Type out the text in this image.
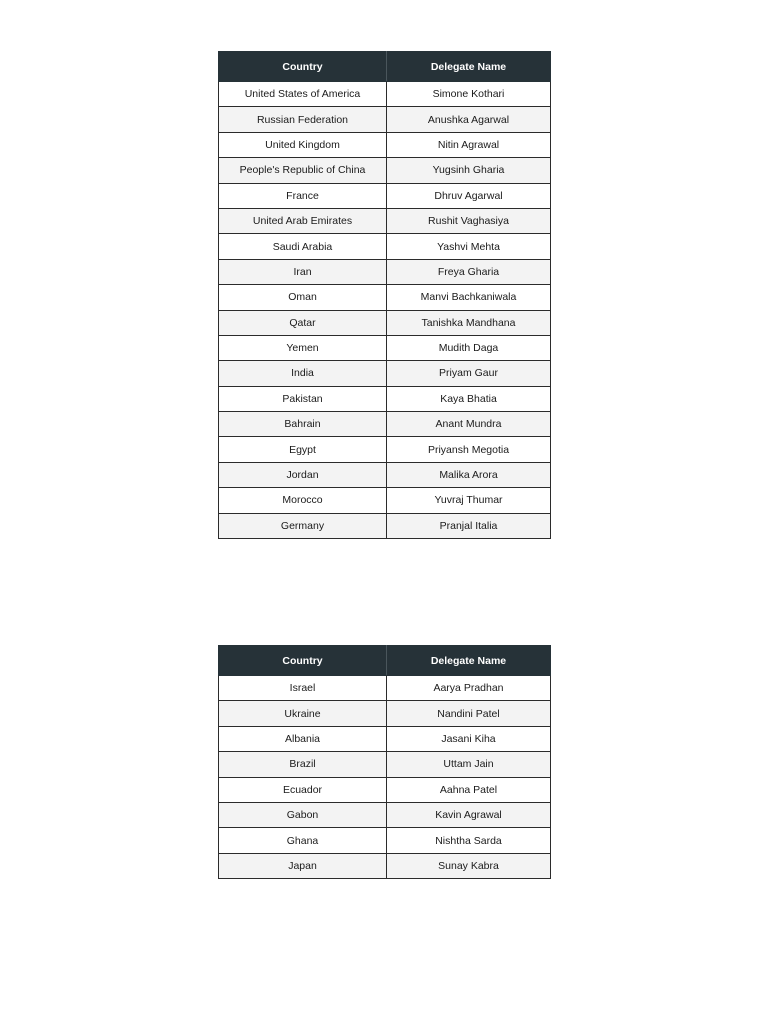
Country	Delegate Name
United States of America	Simone Kothari
Russian Federation	Anushka Agarwal
United Kingdom	Nitin Agrawal
People's Republic of China	Yugsinh Gharia
France	Dhruv Agarwal
United Arab Emirates	Rushit Vaghasiya
Saudi Arabia	Yashvi Mehta
Iran	Freya Gharia
Oman	Manvi Bachkaniwala
Qatar	Tanishka Mandhana
Yemen	Mudith Daga
India	Priyam Gaur
Pakistan	Kaya Bhatia
Bahrain	Anant Mundra
Egypt	Priyansh Megotia
Jordan	Malika Arora
Morocco	Yuvraj Thumar
Germany	Pranjal Italia
Country	Delegate Name
Israel	Aarya Pradhan
Ukraine	Nandini Patel
Albania	Jasani Kiha
Brazil	Uttam Jain
Ecuador	Aahna Patel
Gabon	Kavin Agrawal
Ghana	Nishtha Sarda
Japan	Sunay Kabra
